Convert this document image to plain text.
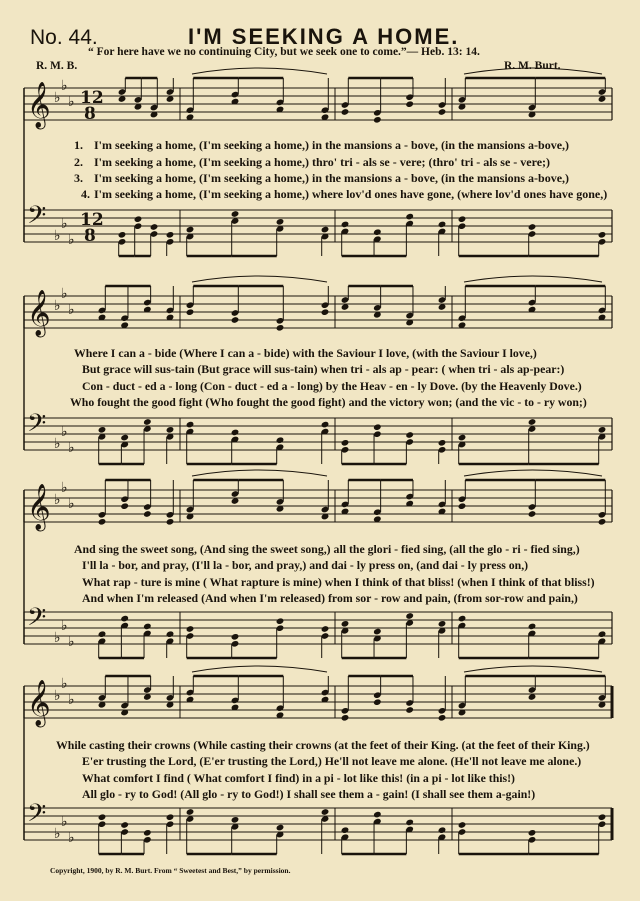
No. 44.	I'M SEEKING A HOME.
“ For here have we no continuing City, but we seek one to come.”— Heb. 13: 14.
R. M. B.	R. M. Burt.
𝄞 ♭
♭
♭ 12
8
𝄢 ♭
♭
♭
12
8
𝄞 ♭
♭
♭
𝄢 ♭
♭
♭
𝄞 ♭
♭
♭
𝄢 ♭
♭
♭
𝄞 ♭
♭
♭
𝄢 ♭
♭
♭
1. I'm seeking a home, (I'm seeking a home,) in the mansions a - bove, (in the mansions a-bove,)
2. I'm seeking a home, (I'm seeking a home,) thro' tri - als se - vere; (thro' tri - als se - vere;)
3. I'm seeking a home, (I'm seeking a home,) in the mansions a - bove, (in the mansions a-bove,)
4. I'm seeking a home, (I'm seeking a home,) where lov'd ones have gone, (where lov'd ones have gone,)
Where I can a - bide (Where I can a - bide) with the Saviour I love, (with the Saviour I love,)
But grace will sus-tain (But grace will sus-tain) when tri - als ap - pear: ( when tri - als ap-pear:)
Con - duct - ed a - long (Con - duct - ed a - long) by the Heav - en - ly Dove. (by the Heavenly Dove.)
Who fought the good fight (Who fought the good fight) and the victory won; (and the vic - to - ry won;)
And sing the sweet song, (And sing the sweet song,) all the glori - fied sing, (all the glo - ri - fied sing,)
I'll la - bor, and pray, (I'll la - bor, and pray,) and dai - ly press on, (and dai - ly press on,)
What rap - ture is mine ( What rapture is mine) when I think of that bliss! (when I think of that bliss!)
And when I'm released (And when I'm released) from sor - row and pain, (from sor-row and pain,)
While casting their crowns (While casting their crowns (at the feet of their King. (at the feet of their King.)
E'er trusting the Lord, (E'er trusting the Lord,) He'll not leave me alone. (He'll not leave me alone.)
What comfort I find ( What comfort I find) in a pi - lot like this! (in a pi - lot like this!)
All glo - ry to God! (All glo - ry to God!) I shall see them a - gain! (I shall see them a-gain!)
Copyright, 1900, by R. M. Burt. From “ Sweetest and Best,” by permission.
